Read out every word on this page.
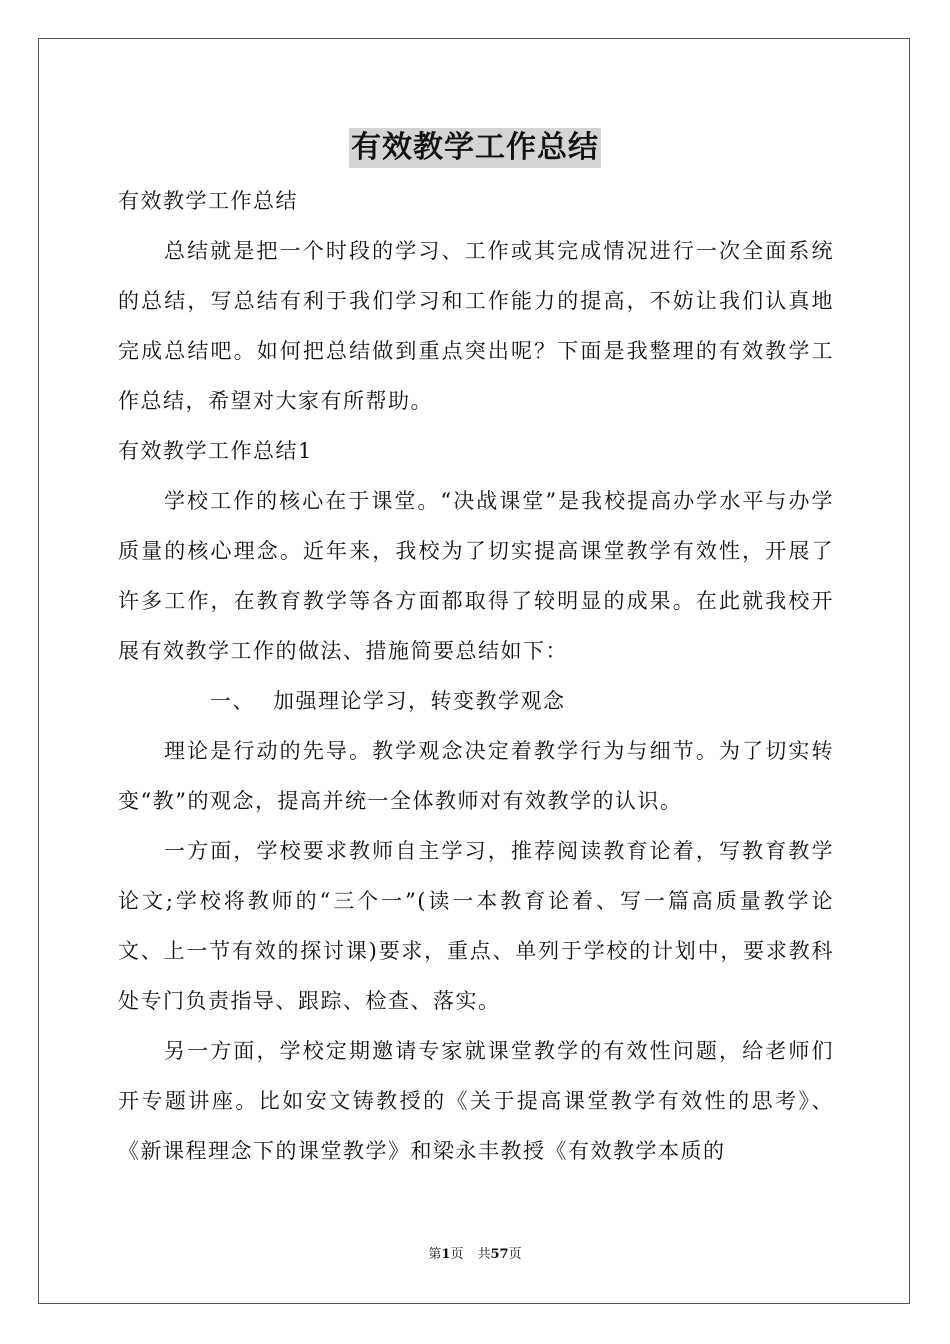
有效教学工作总结

有效教学工作总结

总结就是把一个时段的学习、工作或其完成情况进行一次全面系统的总结，写总结有利于我们学习和工作能力的提高，不妨让我们认真地完成总结吧。如何把总结做到重点突出呢？下面是我整理的有效教学工作总结，希望对大家有所帮助。

有效教学工作总结1

学校工作的核心在于课堂。“决战课堂”是我校提高办学水平与办学质量的核心理念。近年来，我校为了切实提高课堂教学有效性，开展了许多工作，在教育教学等各方面都取得了较明显的成果。在此就我校开展有效教学工作的做法、措施简要总结如下：

一、 加强理论学习，转变教学观念

理论是行动的先导。教学观念决定着教学行为与细节。为了切实转变“教”的观念，提高并统一全体教师对有效教学的认识。

一方面，学校要求教师自主学习，推荐阅读教育论着，写教育教学论文;学校将教师的“三个一”(读一本教育论着、写一篇高质量教学论文、上一节有效的探讨课)要求，重点、单列于学校的计划中，要求教科处专门负责指导、跟踪、检查、落实。

另一方面，学校定期邀请专家就课堂教学的有效性问题，给老师们开专题讲座。比如安文铸教授的《关于提高课堂教学有效性的思考》、《新课程理念下的课堂教学》和梁永丰教授《有效教学本质的

第1页 共57页
